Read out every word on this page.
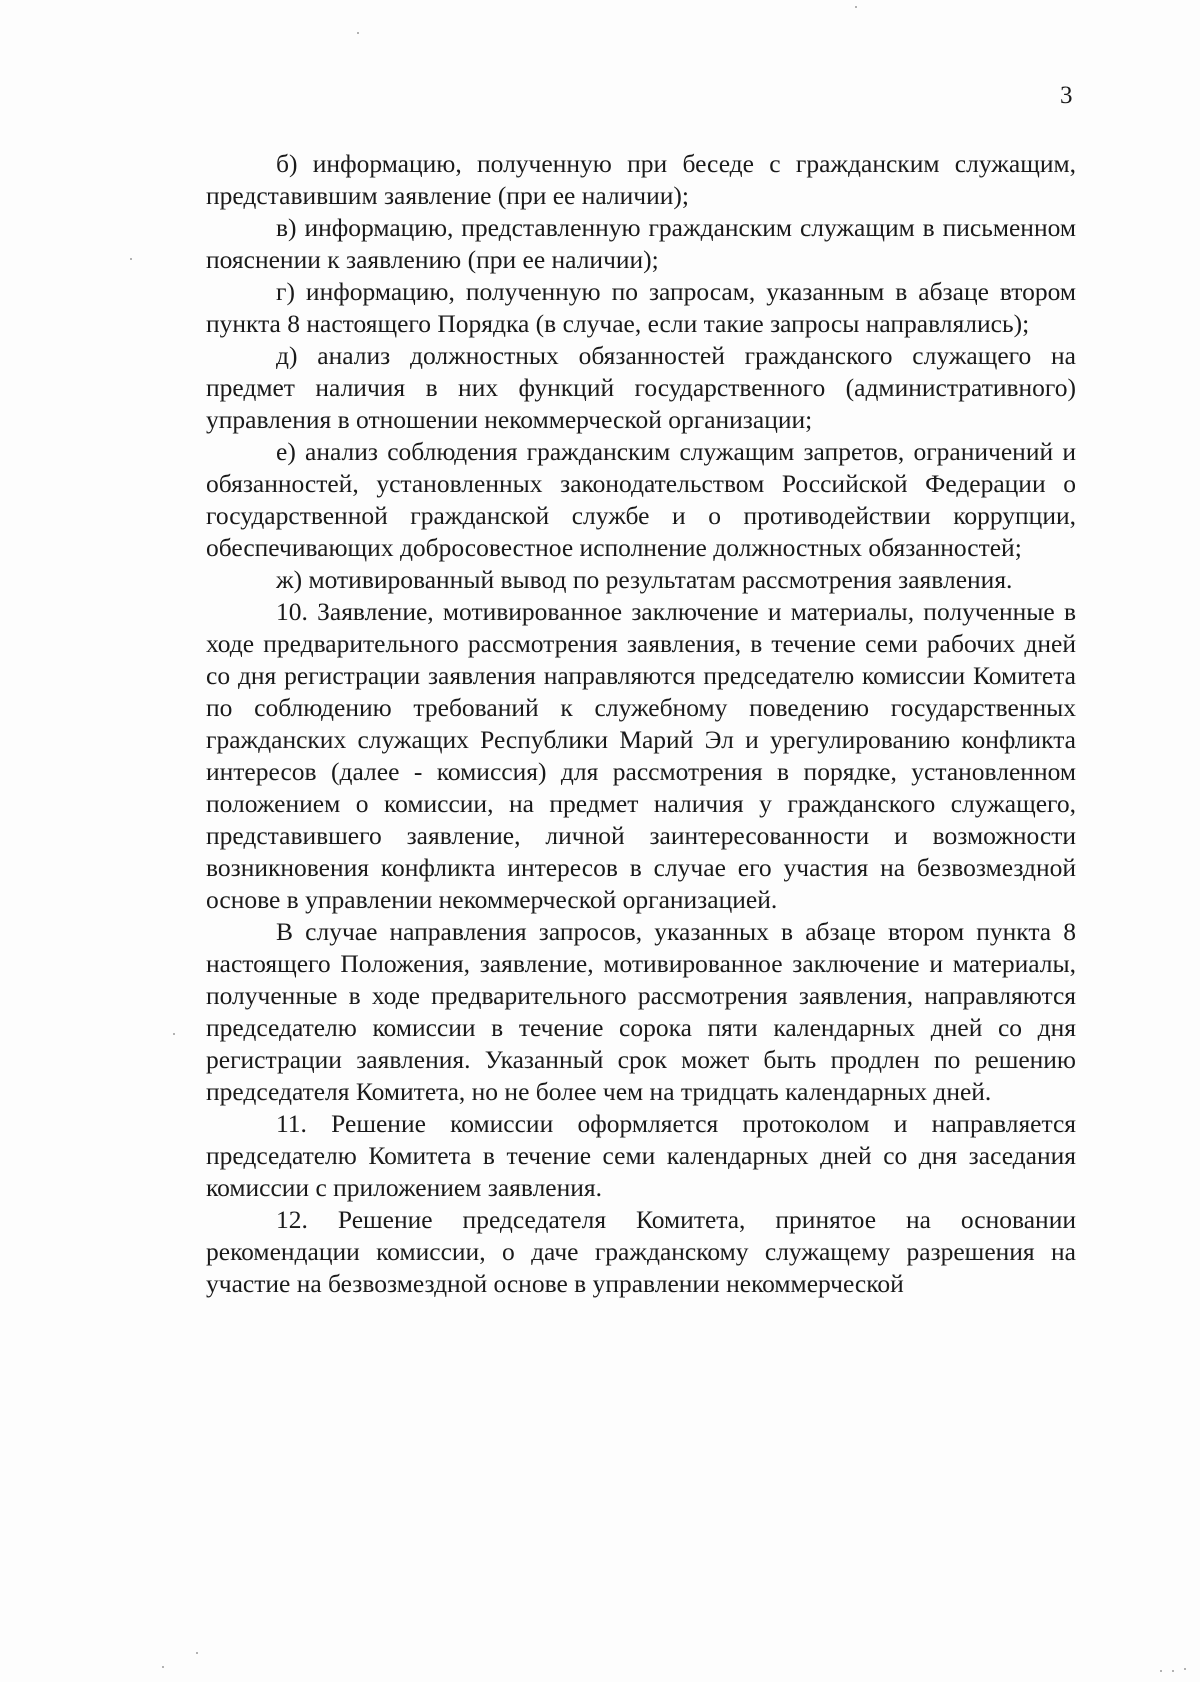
3

б) информацию, полученную при беседе с гражданским служащим, представившим заявление (при ее наличии);

в) информацию, представленную гражданским служащим в письменном пояснении к заявлению (при ее наличии);

г) информацию, полученную по запросам, указанным в абзаце втором пункта 8 настоящего Порядка (в случае, если такие запросы направлялись);

д) анализ должностных обязанностей гражданского служащего на предмет наличия в них функций государственного (административного) управления в отношении некоммерческой организации;

е) анализ соблюдения гражданским служащим запретов, ограничений и обязанностей, установленных законодательством Российской Федерации о государственной гражданской службе и о противодействии коррупции, обеспечивающих добросовестное исполнение должностных обязанностей;

ж) мотивированный вывод по результатам рассмотрения заявления.

10. Заявление, мотивированное заключение и материалы, полученные в ходе предварительного рассмотрения заявления, в течение семи рабочих дней со дня регистрации заявления направляются председателю комиссии Комитета по соблюдению требований к служебному поведению государственных гражданских служащих Республики Марий Эл и урегулированию конфликта интересов (далее - комиссия) для рассмотрения в порядке, установленном положением о комиссии, на предмет наличия у гражданского служащего, представившего заявление, личной заинтересованности и возможности возникновения конфликта интересов в случае его участия на безвозмездной основе в управлении некоммерческой организацией.

В случае направления запросов, указанных в абзаце втором пункта 8 настоящего Положения, заявление, мотивированное заключение и материалы, полученные в ходе предварительного рассмотрения заявления, направляются председателю комиссии в течение сорока пяти календарных дней со дня регистрации заявления. Указанный срок может быть продлен по решению председателя Комитета, но не более чем на тридцать календарных дней.

11. Решение комиссии оформляется протоколом и направляется председателю Комитета в течение семи календарных дней со дня заседания комиссии с приложением заявления.

12. Решение председателя Комитета, принятое на основании рекомендации комиссии, о даче гражданскому служащему разрешения на участие на безвозмездной основе в управлении некоммерческой
